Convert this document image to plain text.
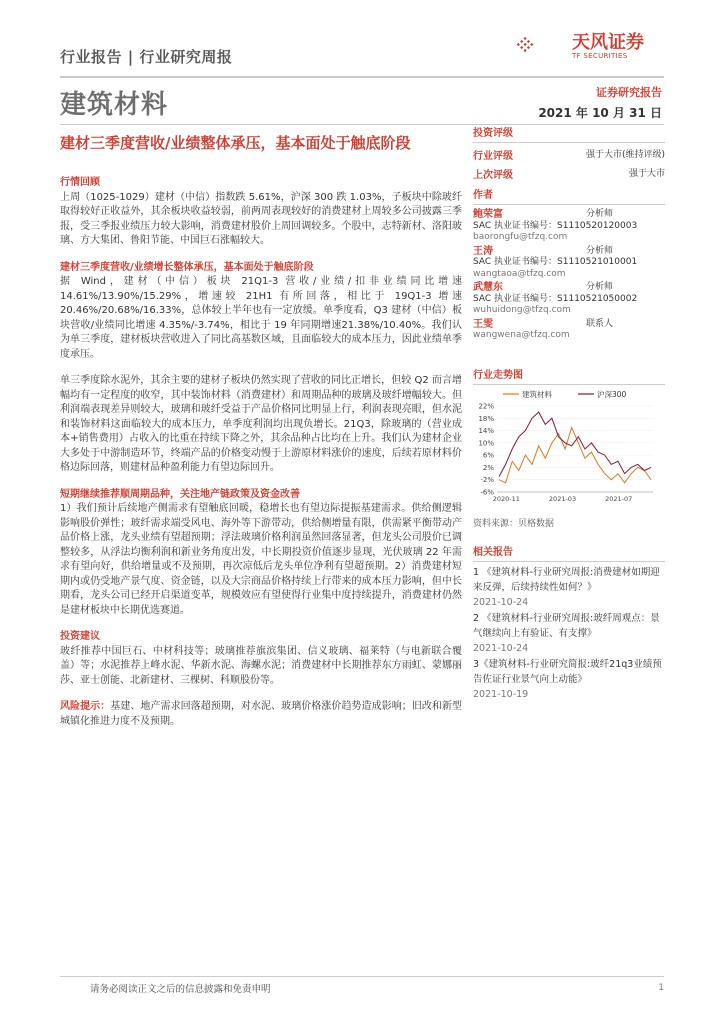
行业报告 | 行业研究周报
天风证券
TF SECURITIES
建筑材料	证券研究报告
2021 年 10 月 31 日
建材三季度营收/业绩整体承压，基本面处于触底阶段
投资评级
行业评级	强于大市(维持评级)
上次评级	强于大市
作者
鲍荣富	分析师
SAC 执业证书编号：S1110520120003
baorongfu@tfzq.com
王涛	分析师
SAC 执业证书编号：S1110521010001
wangtaoa@tfzq.com
武慧东	分析师
SAC 执业证书编号：S1110521050002
wuhuidong@tfzq.com
王雯	联系人
wangwena@tfzq.com
行业走势图
22%
18%
14%
10%
6%
2%
-2%
-6%
2020-11	2021-03	2021-07
建筑材料	沪深300
资料来源：贝格数据
相关报告
1 《建筑材料-行业研究周报:消费建材如期迎来反弹，后续持续性如何？》
2021-10-24
2 《建筑材料-行业研究周报:玻纤周观点：景气继续向上有验证、有支撑》
2021-10-24
3《建筑材料-行业研究简报:玻纤21q3业绩预告佐证行业景气向上动能》
2021-10-19
行情回顾

上周（1025-1029）建材（中信）指数跌 5.61%，沪深 300 跌 1.03%，子板块中除玻纤取得较好正收益外，其余板块收益较弱，前两周表现较好的消费建材上周较多公司披露三季报，受三季报业绩压力较大影响，消费建材股价上周回调较多。个股中，志特新材、洛阳玻璃、方大集团、鲁阳节能、中国巨石涨幅较大。

建材三季度营收/业绩增长整体承压，基本面处于触底阶段

据 Wind，建材（中信）板块 21Q1-3 营收/业绩/扣非业绩同比增速14.61%/13.90%/15.29%，增速较 21H1 有所回落，相比于 19Q1-3 增速20.46%/20.68%/16.33%，总体较上半年也有一定放缓。单季度看，Q3 建材（中信）板块营收/业绩同比增速 4.35%/-3.74%，相比于 19 年同期增速21.38%/10.40%。我们认为单三季度，建材板块营收进入了同比高基数区域，且面临较大的成本压力，因此业绩单季度承压。

单三季度除水泥外，其余主要的建材子板块仍然实现了营收的同比正增长，但较 Q2 而言增幅均有一定程度的收窄，其中装饰材料（消费建材）和周期品种的玻璃及玻纤增幅较大。但利润端表现差异则较大，玻璃和玻纤受益于产品价格同比明显上行，利润表现亮眼，但水泥和装饰材料这面临较大的成本压力，单季度利润均出现负增长。21Q3，除玻璃的（营业成本+销售费用）占收入的比重在持续下降之外，其余品种占比均在上升。我们认为建材企业大多处于中游制造环节，终端产品的价格变动慢于上游原材料涨价的速度，后续若原材料价格边际回落，则建材品种盈利能力有望边际回升。

短期继续推荐顺周期品种，关注地产链政策及资金改善

1）我们预计后续地产侧需求有望触底回暖，稳增长也有望边际提振基建需求。供给侧逻辑影响股价弹性；玻纤需求端受风电、海外等下游带动，供给侧增量有限，供需紧平衡带动产品价格上涨，龙头业绩有望超预期；浮法玻璃价格利润虽然回落显著，但龙头公司股价已调整较多，从浮法均衡利润和新业务角度出发，中长期投资价值逐步显现，光伏玻璃 22 年需求有望向好，供给增量或不及预期，再次凉低后龙头单位净利有望超预期。2）消费建材短期内或仍受地产景气度、资金链，以及大宗商品价格持续上行带来的成本压力影响，但中长期看，龙头公司已经开启渠道变革，规模效应有望使得行业集中度持续提升，消费建材仍然是建材板块中长期优选赛道。

投资建议

玻纤推荐中国巨石、中材科技等；玻璃推荐旗滨集团、信义玻璃、福莱特（与电新联合覆盖）等；水泥推荐上峰水泥、华新水泥、海螺水泥；消费建材中长期推荐东方雨虹、蒙娜丽莎、亚士创能、北新建材、三棵树、科顺股份等。

风险提示：基建、地产需求回落超预期，对水泥、玻璃价格涨价趋势造成影响；旧改和新型城镇化推进力度不及预期。

请务必阅读正文之后的信息披露和免责申明	1
